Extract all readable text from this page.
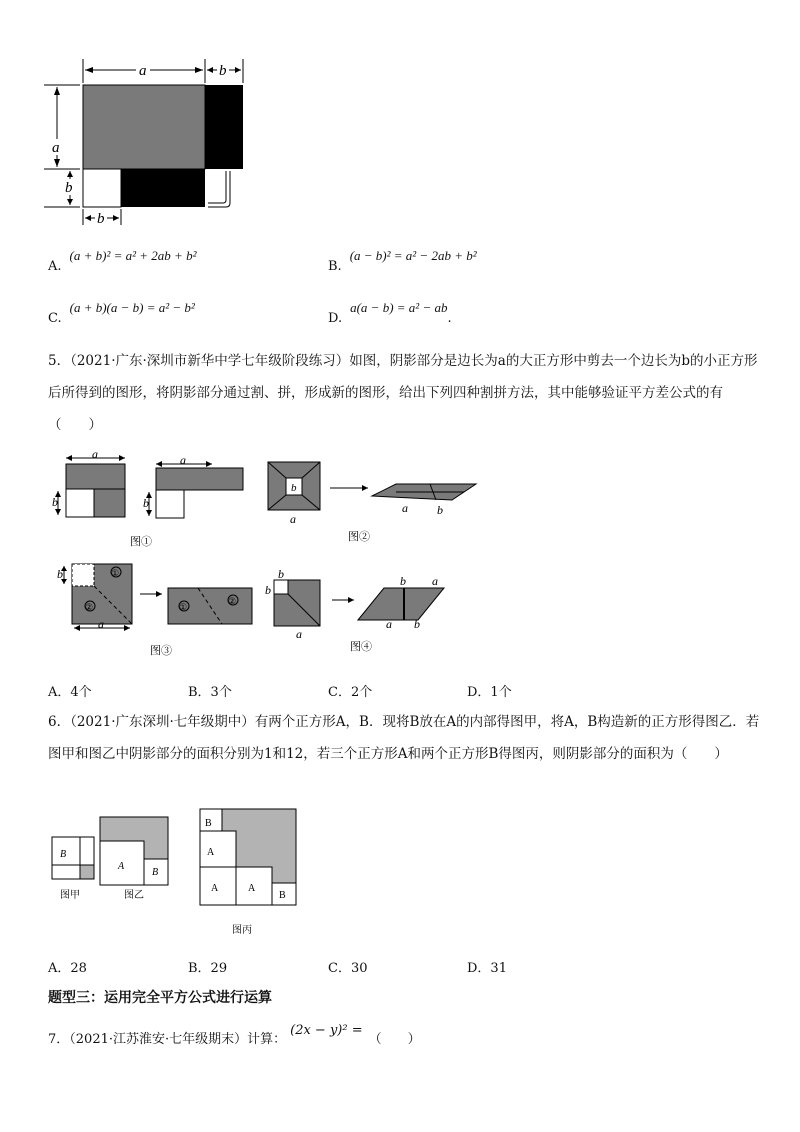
a	b
a
b
b
A.(a + b)² = a² + 2ab + b²
B.(a − b)² = a² − 2ab + b²
C.(a + b)(a − b) = a² − b²
D.a(a − b) = a² − ab.
5．（2021·广东·深圳市新华中学七年级阶段练习）如图，阴影部分是边长为a的大正方形中剪去一个边长为b的小正方形后所得到的图形，将阴影部分通过割、拼，形成新的图形，给出下列四种割拼方法，其中能够验证平方差公式的有（　　）
a
b
a
b
图①
b
a
a b
图②
①
②
b
a
①
②
图③
b
b
a
b a
a b
图④
A．4个	B．3个	C．2个	D．1个
6．（2021·广东深圳·七年级期中）有两个正方形A，B．现将B放在A的内部得图甲，将A，B构造新的正方形得图乙．若图甲和图乙中阴影部分的面积分别为1和12，若三个正方形A和两个正方形B得图丙，则阴影部分的面积为（　　）
B
图甲
A
B
图乙
B
A
A	A
B
图丙
A．28	B．29	C．30	D．31
题型三：运用完全平方公式进行运算
7．（2021·江苏淮安·七年级期末）计算：(2x − y)² =（　　）
